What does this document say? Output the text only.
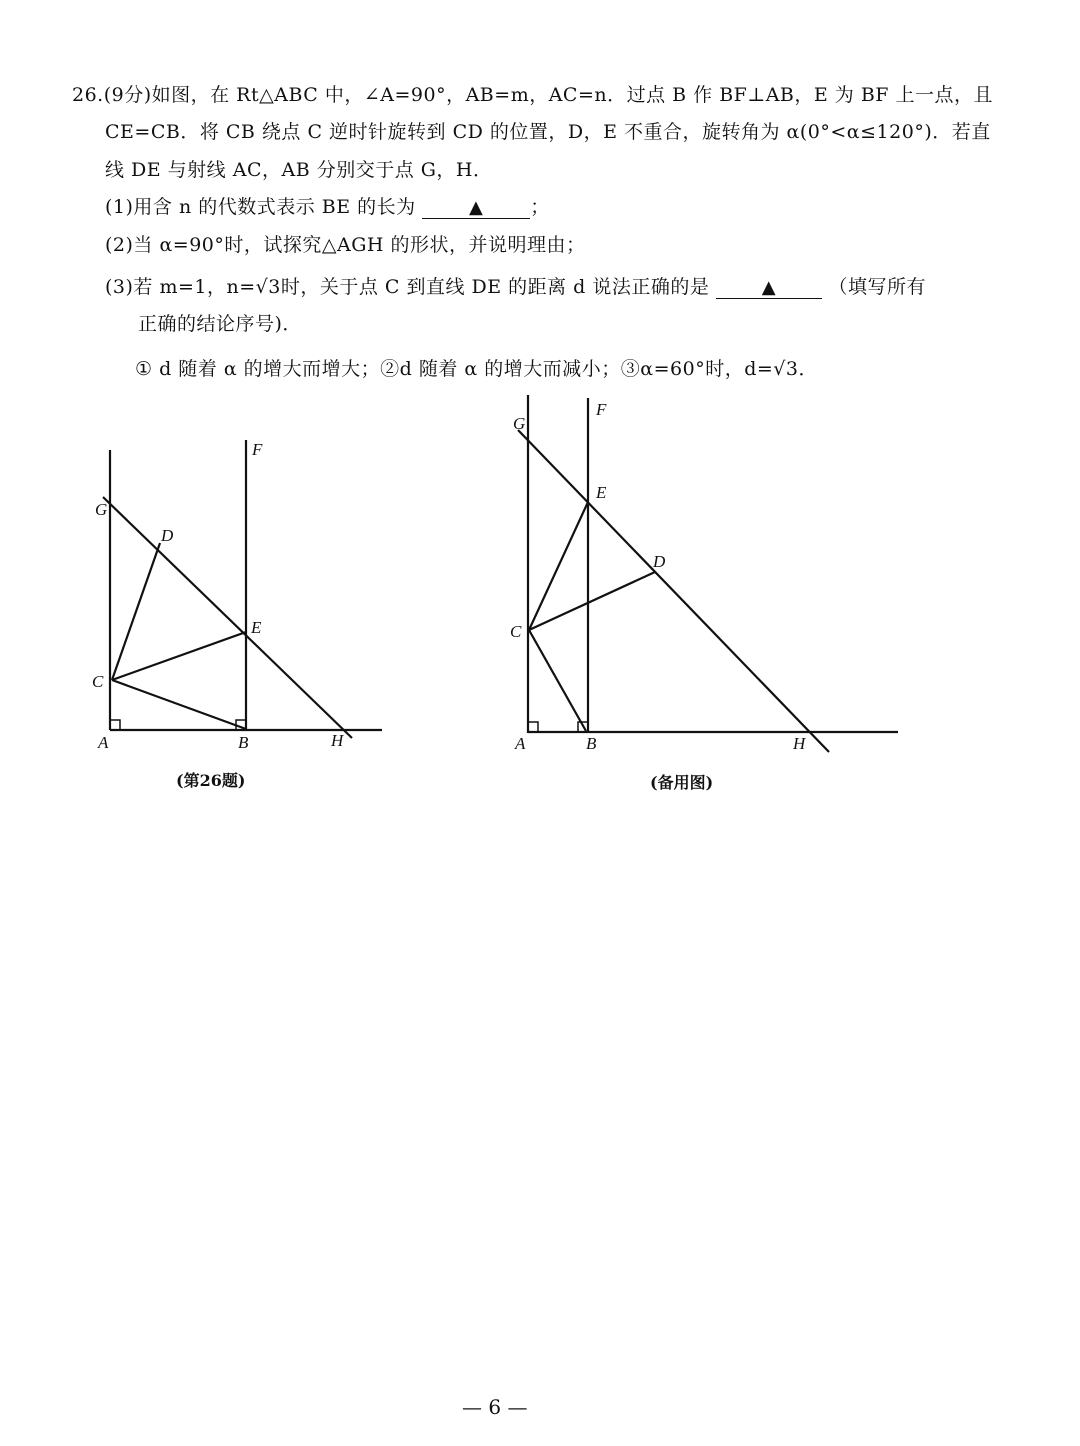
26.(9分)如图，在 Rt△ABC 中，∠A=90°，AB=m，AC=n．过点 B 作 BF⊥AB，E 为 BF 上一点，且
CE=CB．将 CB 绕点 C 逆时针旋转到 CD 的位置，D，E 不重合，旋转角为 α(0°<α≤120°)．若直
线 DE 与射线 AC，AB 分别交于点 G，H．
(1)用含 n 的代数式表示 BE 的长为	▲ ；
(2)当 α=90°时，试探究△AGH 的形状，并说明理由；
(3)若 m=1，n=√3时，关于点 C 到直线 DE 的距离 d 说法正确的是	▲	（填写所有
正确的结论序号)．
① d 随着 α 的增大而增大；②d 随着 α 的增大而减小；③α=60°时，d=√3．
G
D
F
E
C
A	B	H
G
F
E
D
C
A	B	H
(第26题)	(备用图)
— 6 —
